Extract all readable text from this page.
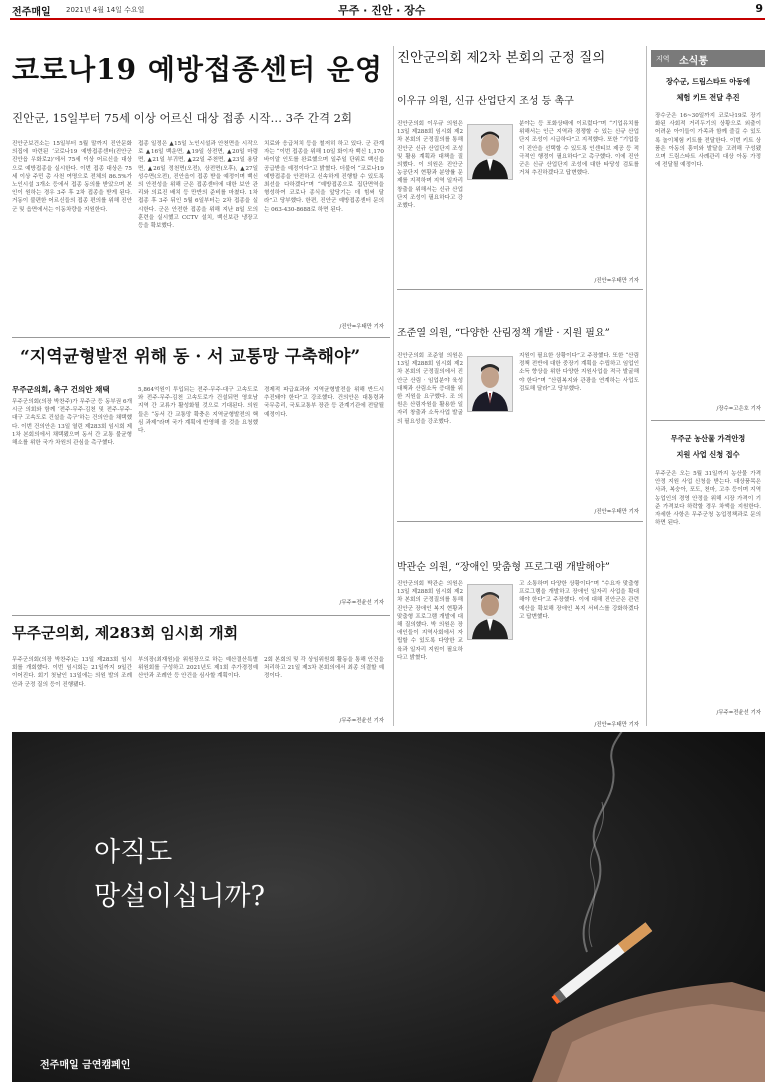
전주매일 2021년 4월 14일 수요일	무주 · 진안 · 장수	9
코로나19 예방접종센터 운영
진안군, 15일부터 75세 이상 어르신 대상 접종 시작… 3주 간격 2회

진안군보건소는 15일부터 5월 말까지 진안문화의집에 마련된 ‘코로나19 예방접종센터(진안군 진안읍 우화로2)’에서 75세 이상 어르신을 대상으로 예방접종을 실시한다. 이번 접종 대상은 75세 이상 주민 총 사천 여명으로 전체의 86.5%가 노인시설 3개소 등에서 접종 동의를 받았으며 본인이 원하는 경우 3주 후 2차 접종을 받게 된다. 거동이 불편한 어르신들의 접종 편의를 위해 진안군 및 읍면에서는 이동차량을 지원한다.

접종 일정은 ▲15일 노인시설과 안천면을 시작으로 ▲16일 백운면, ▲19일 상전면, ▲20일 마령면, ▲21일 부귀면, ▲22일 주천면, ▲23일 용담면, ▲26일 정천면(오전), 상전면(오후), ▲27일 성수면(오전), 진안읍이 접종 받을 예정이며 백신의 안전성을 위해 군은 접종센터에 대한 보안 관리와 의료진 배치 등 만반의 준비를 마쳤다. 1차 접종 후 3주 뒤인 5월 6일부터는 2차 접종을 실시한다. 군은 안전한 접종을 위해 지난 8일 모의 훈련을 실시했고 CCTV 설치, 백신보관 냉장고 등을 확보했다.

치료와 응급처치 등을 철저히 하고 있다. 군 관계자는 “이번 접종을 위해 10일 화이자 백신 1,170바이알 인도를 완료했으며 일주일 단위로 백신을 공급받을 예정이다”고 밝혔다. 더불어 “코로나19 예방접종을 안전하고 신속하게 진행할 수 있도록 최선을 다하겠다”며 “예방접종으로 집단면역을 형성하여 코로나 종식을 앞당기는 데 힘써 달라”고 당부했다. 한편, 진안군 예방접종센터 문의는 063-430-8688로 하면 된다.

/진안=우태만 기자
“지역균형발전 위해 동 · 서 교통망 구축해야”
무주군의회, 촉구 건의안 채택

무주군의회(의장 박찬주)가 무주군 등 동부권 6개 시군 의회와 함께 ‘전주-무주-김천 및 전주-무주-대구 고속도로 건설을 촉구’하는 건의안을 채택했다. 이번 건의안은 13일 열린 제283회 임시회 제1차 본회의에서 채택됐으며 동서 간 교통 불균형 해소를 위한 국가 차원의 관심을 촉구했다.

5,864억원이 투입되는 전주-무주-대구 고속도로와 전주-무주-김천 고속도로가 건설되면 영호남 지역 간 교류가 활성화될 것으로 기대된다. 의원들은 “동서 간 교통망 확충은 지역균형발전의 핵심 과제”라며 국가 계획에 반영해 줄 것을 요청했다.

경제적 파급효과와 지역균형발전을 위해 반드시 추진돼야 한다”고 강조했다. 건의안은 대통령과 국무총리, 국토교통부 장관 등 관계기관에 전달될 예정이다.

/무주=전윤선 기자
무주군의회, 제283회 임시회 개회

무주군의회(의장 박찬주)는 13일 제283회 임시회를 개회했다. 이번 임시회는 21일까지 9일간 이어진다. 회기 첫날인 13일에는 의원 발의 조례안과 군정 질의 등이 진행됐다.

부의장(최재원)을 위원장으로 하는 예산결산특별위원회를 구성하고 2021년도 제1회 추가경정예산안과 조례안 등 안건을 심사할 계획이다.

2회 본회의 및 각 상임위원회 활동을 통해 안건을 처리하고 21일 제3차 본회의에서 최종 의결할 예정이다.

/무주=전윤선 기자
진안군의회 제2차 본회의 군정 질의
이우규 의원, 신규 산업단지 조성 등 촉구

진안군의회 이우규 의원은 13일 제288회 임시회 제2차 본회의 군정질의를 통해 진안군 신규 산업단지 조성 및 활용 계획과 대책을 질의했다. 이 의원은 진안군 농공단지 현황과 분양률 문제를 지적하며 지역 일자리 창출을 위해서는 신규 산업단지 조성이 필요하다고 강조했다.

분야는 등 포화상태에 이르렀다”며 “기업유치를 위해서는 인근 지역과 경쟁할 수 있는 신규 산업단지 조성이 시급하다”고 지적했다. 또한 “기업들이 진안을 선택할 수 있도록 인센티브 제공 등 적극적인 행정이 필요하다”고 촉구했다. 이에 진안군은 신규 산업단지 조성에 대한 타당성 검토를 거쳐 추진하겠다고 답변했다.

/진안=우태만 기자
조준열 의원, “다양한 산림정책 개발 · 지원 필요”

진안군의회 조준열 의원은 13일 제288회 임시회 제2차 본회의 군정질의에서 진안군 산림 · 임업분야 육성 대책과 산림소득 증대를 위한 지원을 요구했다. 조 의원은 산림자원을 활용한 일자리 창출과 소득사업 발굴의 필요성을 강조했다.

지원이 필요한 상황이다”고 주장했다. 또한 “산림정책 전반에 대한 중장기 계획을 수립하고 임업인 소득 향상을 위한 다양한 지원사업을 적극 발굴해야 한다”며 “산림복지와 관광을 연계하는 사업도 검토해 달라”고 당부했다.

/진안=우태만 기자
박관순 의원, “장애인 맞춤형 프로그램 개발해야”

진안군의회 박관순 의원은 13일 제288회 임시회 제2차 본회의 군정질의를 통해 진안군 장애인 복지 현황과 맞춤형 프로그램 개발에 대해 질의했다. 박 의원은 장애인들이 지역사회에서 자립할 수 있도록 다양한 교육과 일자리 지원이 필요하다고 밝혔다.

고 소통하며 다양한 상황이다”며 “수요자 맞춤형 프로그램을 개발하고 장애인 일자리 사업을 확대해야 한다”고 주장했다. 이에 대해 진안군은 관련 예산을 확보해 장애인 복지 서비스를 강화하겠다고 답변했다.

/진안=우태만 기자
지역 소식통
장수군, 드림스타트 아동에
체험 키트 전달 추진

장수군은 16~30일까지 코로나19로 장기화된 사회적 거리두기의 상황으로 외출이 어려운 아이들이 가족과 함께 즐길 수 있도록 놀이체험 키트를 전달한다. 이번 키트 상품은 아동의 흥미와 발달을 고려해 구성됐으며 드림스타트 사례관리 대상 아동 가정에 전달될 예정이다.

/장수=고은호 기자
무주군 농산물 가격안정
지원 사업 신청 접수

무주군은 오는 5월 31일까지 농산물 가격안정 지원 사업 신청을 받는다. 대상품목은 사과, 복숭아, 포도, 천마, 고추 등이며 지역 농업인의 경영 안정을 위해 시장 가격이 기준 가격보다 하락할 경우 차액을 지원한다. 자세한 사항은 무주군청 농업정책과로 문의하면 된다.

/무주=전윤선 기자
아직도
망설이십니까?
전주매일 금연캠페인
